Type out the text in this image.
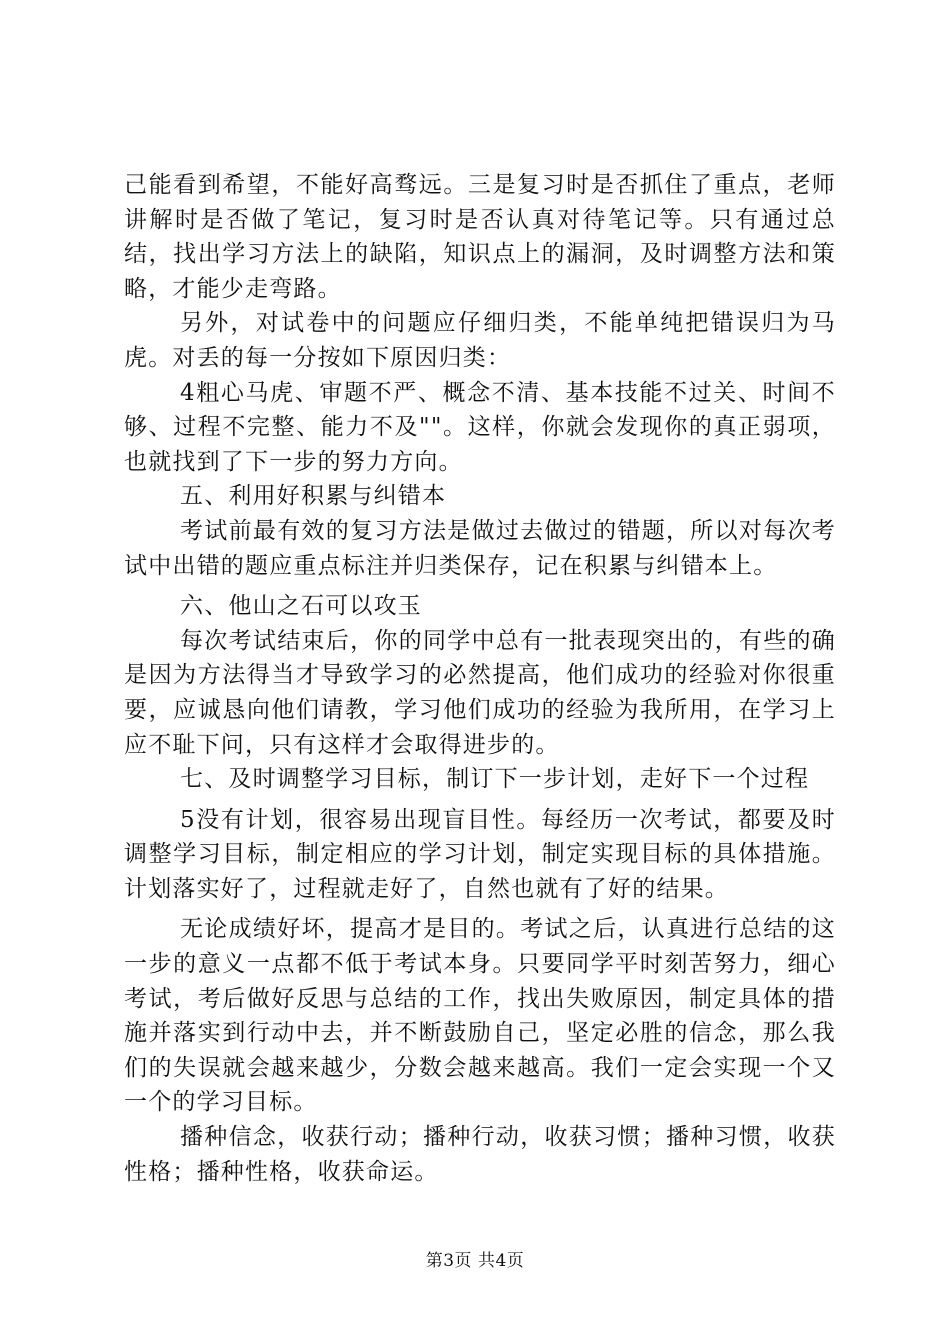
己能看到希望，不能好高骛远。三是复习时是否抓住了重点，老师讲解时是否做了笔记，复习时是否认真对待笔记等。只有通过总结，找出学习方法上的缺陷，知识点上的漏洞，及时调整方法和策略，才能少走弯路。

另外，对试卷中的问题应仔细归类，不能单纯把错误归为马虎。对丢的每一分按如下原因归类：

4粗心马虎、审题不严、概念不清、基本技能不过关、时间不够、过程不完整、能力不及""。这样，你就会发现你的真正弱项，也就找到了下一步的努力方向。

五、利用好积累与纠错本

考试前最有效的复习方法是做过去做过的错题，所以对每次考试中出错的题应重点标注并归类保存，记在积累与纠错本上。

六、他山之石可以攻玉

每次考试结束后，你的同学中总有一批表现突出的，有些的确是因为方法得当才导致学习的必然提高，他们成功的经验对你很重要，应诚恳向他们请教，学习他们成功的经验为我所用，在学习上应不耻下问，只有这样才会取得进步的。

七、及时调整学习目标，制订下一步计划，走好下一个过程

5没有计划，很容易出现盲目性。每经历一次考试，都要及时调整学习目标，制定相应的学习计划，制定实现目标的具体措施。计划落实好了，过程就走好了，自然也就有了好的结果。

无论成绩好坏，提高才是目的。考试之后，认真进行总结的这一步的意义一点都不低于考试本身。只要同学平时刻苦努力，细心考试，考后做好反思与总结的工作，找出失败原因，制定具体的措施并落实到行动中去，并不断鼓励自己，坚定必胜的信念，那么我们的失误就会越来越少，分数会越来越高。我们一定会实现一个又一个的学习目标。

播种信念，收获行动；播种行动，收获习惯；播种习惯，收获性格；播种性格，收获命运。

第3页 共4页
